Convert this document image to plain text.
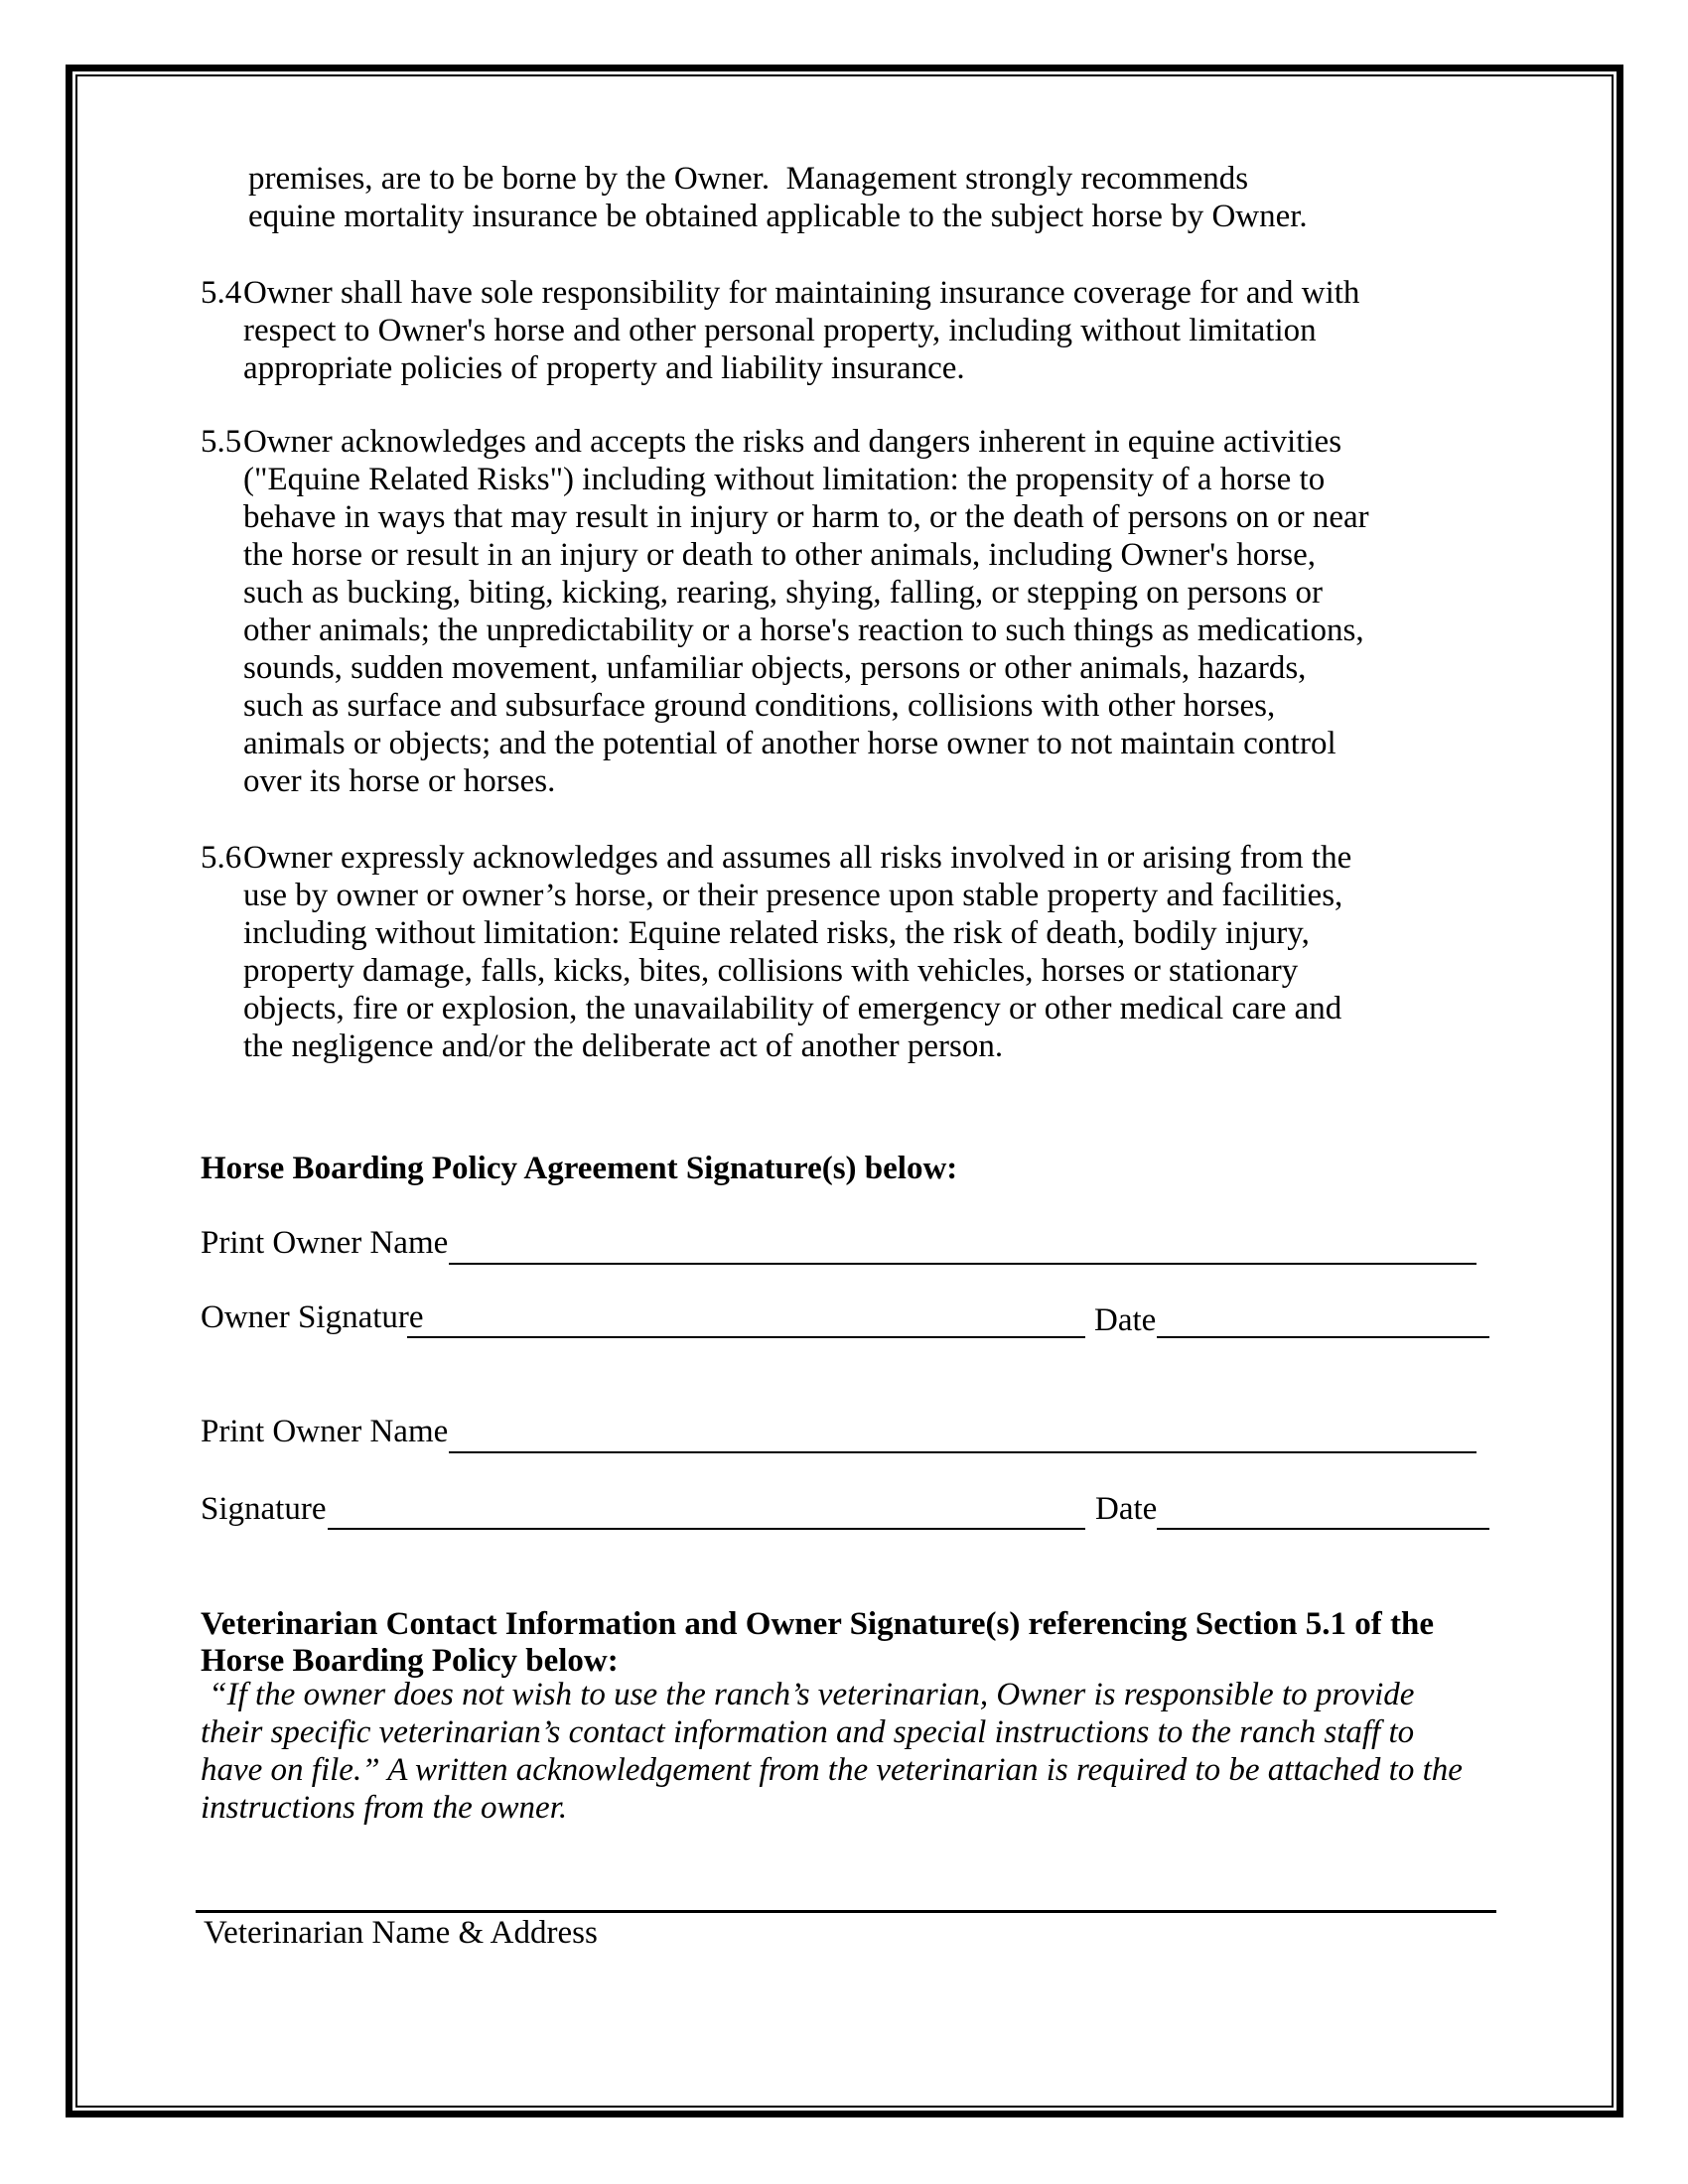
premises, are to be borne by the Owner.  Management strongly recommends
equine mortality insurance be obtained applicable to the subject horse by Owner.
5.4 Owner shall have sole responsibility for maintaining insurance coverage for and with
respect to Owner's horse and other personal property, including without limitation
appropriate policies of property and liability insurance.
5.5 Owner acknowledges and accepts the risks and dangers inherent in equine activities
("Equine Related Risks") including without limitation: the propensity of a horse to
behave in ways that may result in injury or harm to, or the death of persons on or near
the horse or result in an injury or death to other animals, including Owner's horse,
such as bucking, biting, kicking, rearing, shying, falling, or stepping on persons or
other animals; the unpredictability or a horse's reaction to such things as medications,
sounds, sudden movement, unfamiliar objects, persons or other animals, hazards,
such as surface and subsurface ground conditions, collisions with other horses,
animals or objects; and the potential of another horse owner to not maintain control
over its horse or horses.
5.6 Owner expressly acknowledges and assumes all risks involved in or arising from the
use by owner or owner’s horse, or their presence upon stable property and facilities,
including without limitation: Equine related risks, the risk of death, bodily injury,
property damage, falls, kicks, bites, collisions with vehicles, horses or stationary
objects, fire or explosion, the unavailability of emergency or other medical care and
the negligence and/or the deliberate act of another person.
Horse Boarding Policy Agreement Signature(s) below:
Print Owner Name
Owner Signature	Date
Print Owner Name
Signature	Date
Veterinarian Contact Information and Owner Signature(s) referencing Section 5.1 of the
Horse Boarding Policy below:
“If the owner does not wish to use the ranch’s veterinarian, Owner is responsible to provide
their specific veterinarian’s contact information and special instructions to the ranch staff to
have on file.” A written acknowledgement from the veterinarian is required to be attached to the
instructions from the owner.
Veterinarian Name & Address
